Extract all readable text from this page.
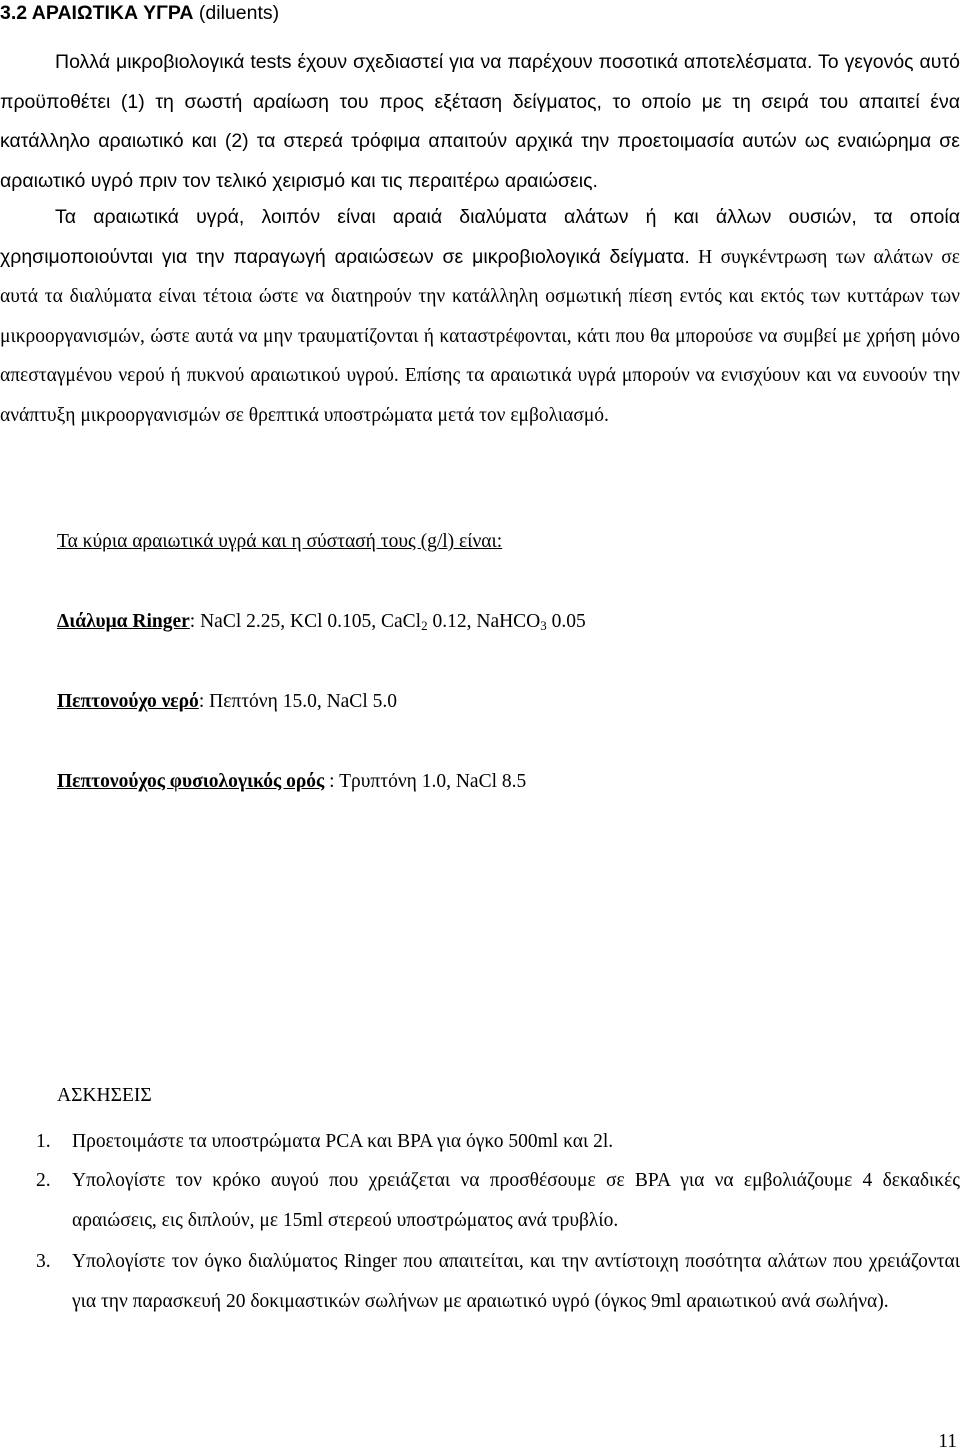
3.2 ΑΡΑΙΩΤΙΚΑ ΥΓΡΑ (diluents)

Πολλά μικροβιολογικά tests έχουν σχεδιαστεί για να παρέχουν ποσοτικά αποτελέσματα. Το γεγονός αυτό προϋποθέτει (1) τη σωστή αραίωση του προς εξέταση δείγματος, το οποίο με τη σειρά του απαιτεί ένα κατάλληλο αραιωτικό και (2) τα στερεά τρόφιμα απαιτούν αρχικά την προετοιμασία αυτών ως εναιώρημα σε αραιωτικό υγρό πριν τον τελικό χειρισμό και τις περαιτέρω αραιώσεις.

Τα αραιωτικά υγρά, λοιπόν είναι αραιά διαλύματα αλάτων ή και άλλων ουσιών, τα οποία χρησιμοποιούνται για την παραγωγή αραιώσεων σε μικροβιολογικά δείγματα. Η συγκέντρωση των αλάτων σε αυτά τα διαλύματα είναι τέτοια ώστε να διατηρούν την κατάλληλη οσμωτική πίεση εντός και εκτός των κυττάρων των μικροοργανισμών, ώστε αυτά να μην τραυματίζονται ή καταστρέφονται, κάτι που θα μπορούσε να συμβεί με χρήση μόνο απεσταγμένου νερού ή πυκνού αραιωτικού υγρού. Επίσης τα αραιωτικά υγρά μπορούν να ενισχύουν και να ευνοούν την ανάπτυξη μικροοργανισμών σε θρεπτικά υποστρώματα μετά τον εμβολιασμό.

Τα κύρια αραιωτικά υγρά και η σύστασή τους (g/l) είναι:
Διάλυμα Ringer: NaCl 2.25, KCl 0.105, CaCl$_2$ 0.12, NaHCO$_3$ 0.05
Πεπτονούχο νερό: Πεπτόνη 15.0, NaCl 5.0
Πεπτονούχος φυσιολογικός ορός : Τρυπτόνη 1.0, NaCl 8.5
ΑΣΚΗΣΕΙΣ
1.	Προετοιμάστε τα υποστρώματα PCA και BPA για όγκο 500ml και 2l.
2.	Υπολογίστε τον κρόκο αυγού που χρειάζεται να προσθέσουμε σε BPA για να εμβολιάζουμε 4 δεκαδικές αραιώσεις, εις διπλούν, με 15ml στερεού υποστρώματος ανά τρυβλίο.
3.	Υπολογίστε τον όγκο διαλύματος Ringer που απαιτείται, και την αντίστοιχη ποσότητα αλάτων που χρειάζονται για την παρασκευή 20 δοκιμαστικών σωλήνων με αραιωτικό υγρό (όγκος 9ml αραιωτικού ανά σωλήνα).
11
